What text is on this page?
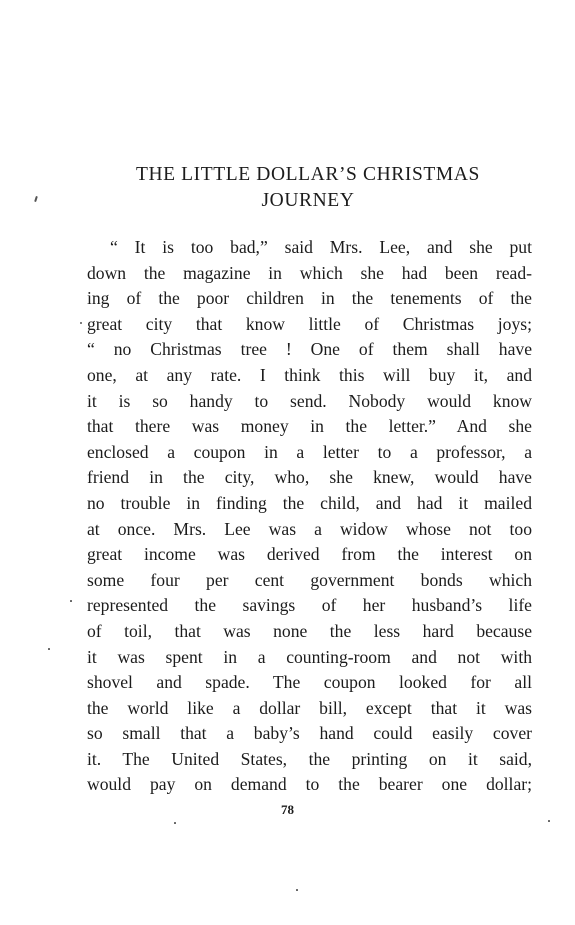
THE LITTLE DOLLAR’S CHRISTMAS
JOURNEY
“ It is too bad,” said Mrs. Lee, and she put
down the magazine in which she had been read-
ing of the poor children in the tenements of the
great city that know little of Christmas joys;
“ no Christmas tree ! One of them shall have
one, at any rate. I think this will buy it, and
it is so handy to send. Nobody would know
that there was money in the letter.” And she
enclosed a coupon in a letter to a professor, a
friend in the city, who, she knew, would have
no trouble in finding the child, and had it mailed
at once. Mrs. Lee was a widow whose not too
great income was derived from the interest on
some four per cent government bonds which
represented the savings of her husband’s life
of toil, that was none the less hard because
it was spent in a counting-room and not with
shovel and spade. The coupon looked for all
the world like a dollar bill, except that it was
so small that a baby’s hand could easily cover
it. The United States, the printing on it said,
would pay on demand to the bearer one dollar;
78
